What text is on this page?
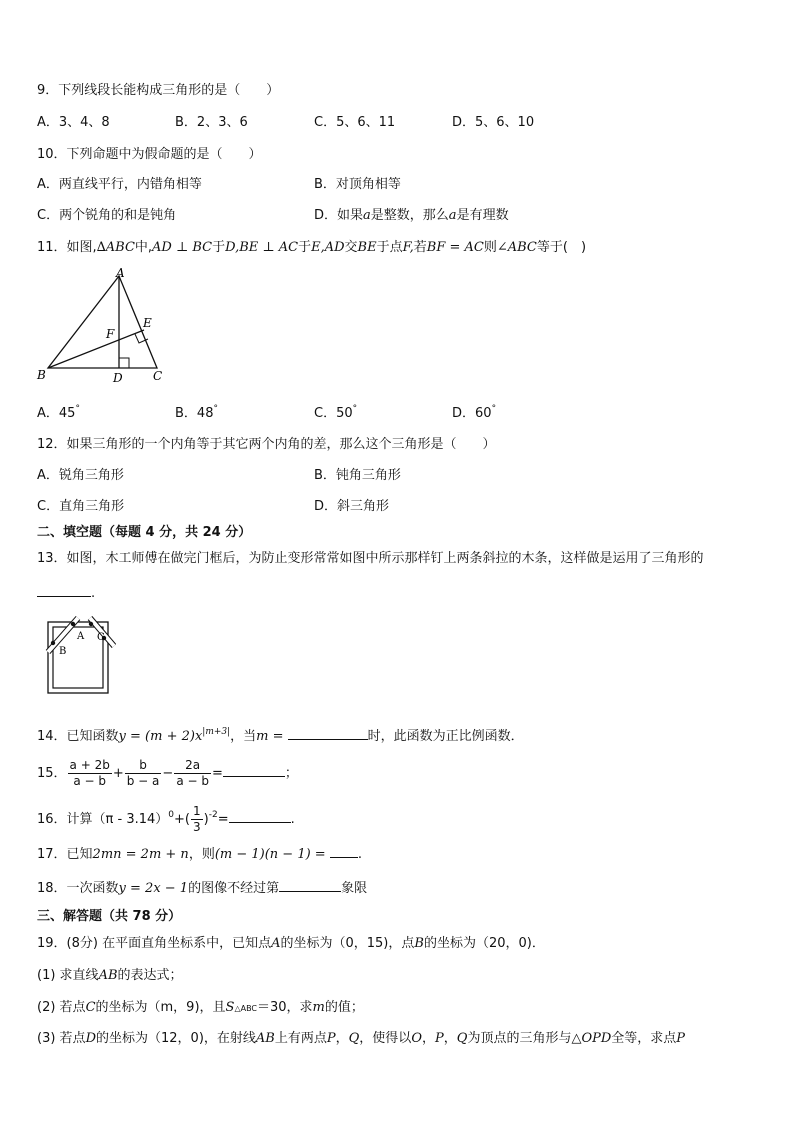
9．下列线段长能构成三角形的是（　　）
A．3、4、8	B．2、3、6	C．5、6、11	D．5、6、10
10．下列命题中为假命题的是（　　）
A．两直线平行，内错角相等	B．对顶角相等
C．两个锐角的和是钝角	D．如果a是整数，那么a是有理数
11．如图,∆ABC中,AD ⊥ BC于D,BE ⊥ AC于E,AD交BE于点F,若BF = AC则∠ABC等于(　)
A
B	C
D
E
F
A．45°	B．48°	C．50°	D．60°
12．如果三角形的一个内角等于其它两个内角的差，那么这个三角形是（　　）
A．锐角三角形	B．钝角三角形
C．直角三角形	D．斜三角形
二、填空题（每题 4 分，共 24 分）
13．如图，木工师傅在做完门框后，为防止变形常常如图中所示那样钉上两条斜拉的木条，这样做是运用了三角形的
.
A
B
C
14．已知函数$y = (m + 2)x^{|m+3|}$，当m =	时，此函数为正比例函数．
15． $\frac{a + 2b}{a - b} + \frac{b}{b - a} - \frac{2a}{a - b}$ =	；
16．计算$(\pi - 3.14)^0+( \frac{1}{3} )^{-2}=$	.
17．已知2mn = 2m + n，则(m − 1)(n − 1) = .
18．一次函数y = 2x − 1的图像不经过第	象限
三、解答题（共 78 分）
19．(8分) 在平面直角坐标系中，已知点A的坐标为（0，15)，点B的坐标为（20，0)．
(1) 求直线AB的表达式；
(2) 若点C的坐标为（m，9)，且S△ABC＝30，求m的值；
(3) 若点D的坐标为（12，0)，在射线AB上有两点P，Q，使得以O，P，Q为顶点的三角形与△OPD全等，求点P
